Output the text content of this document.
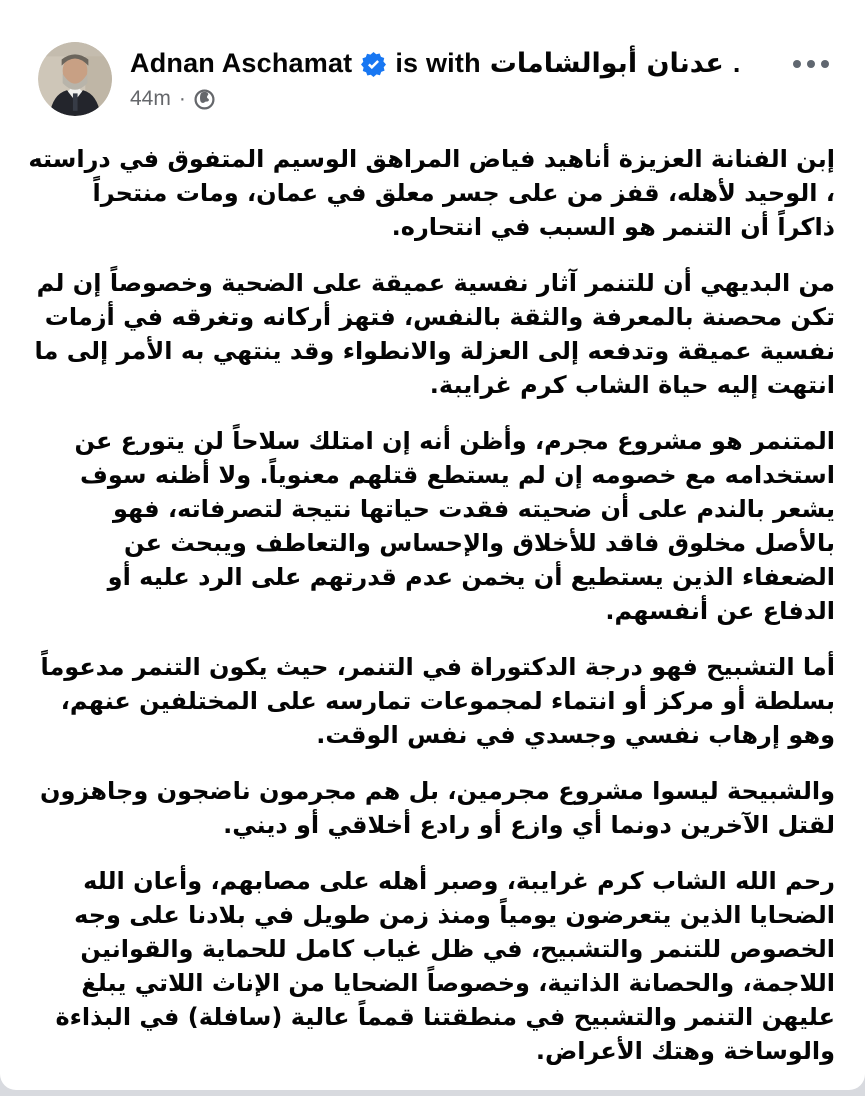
Adnan Aschamat is with عدنان أبوالشامات .
44m ·

إبن الفنانة العزيزة أناهيد فياض المراهق الوسيم المتفوق في دراسته ، الوحيد لأهله، قفز من على جسر معلق في عمان، ومات منتحراً ذاكراً أن التنمر هو السبب في انتحاره.

من البديهي أن للتنمر آثار نفسية عميقة على الضحية وخصوصاً إن لم تكن محصنة بالمعرفة والثقة بالنفس، فتهز أركانه وتغرقه في أزمات نفسية عميقة وتدفعه إلى العزلة والانطواء وقد ينتهي به الأمر إلى ما انتهت إليه حياة الشاب كرم غرايبة.

المتنمر هو مشروع مجرم، وأظن أنه إن امتلك سلاحاً لن يتورع عن استخدامه مع خصومه إن لم يستطع قتلهم معنوياً. ولا أظنه سوف يشعر بالندم على أن ضحيته فقدت حياتها نتيجة لتصرفاته، فهو بالأصل مخلوق فاقد للأخلاق والإحساس والتعاطف ويبحث عن الضعفاء الذين يستطيع أن يخمن عدم قدرتهم على الرد عليه أو الدفاع عن أنفسهم.

أما التشبيح فهو درجة الدكتوراة في التنمر، حيث يكون التنمر مدعوماً بسلطة أو مركز أو انتماء لمجموعات تمارسه على المختلفين عنهم، وهو إرهاب نفسي وجسدي في نفس الوقت.

والشبيحة ليسوا مشروع مجرمين، بل هم مجرمون ناضجون وجاهزون لقتل الآخرين دونما أي وازع أو رادع أخلاقي أو ديني.

رحم الله الشاب كرم غرايبة، وصبر أهله على مصابهم، وأعان الله الضحايا الذين يتعرضون يومياً ومنذ زمن طويل في بلادنا على وجه الخصوص للتنمر والتشبيح، في ظل غياب كامل للحماية والقوانين اللاجمة، والحصانة الذاتية، وخصوصاً الضحايا من الإناث اللاتي يبلغ عليهن التنمر والتشبيح في منطقتنا قمماً عالية (سافلة) في البذاءة والوساخة وهتك الأعراض.
